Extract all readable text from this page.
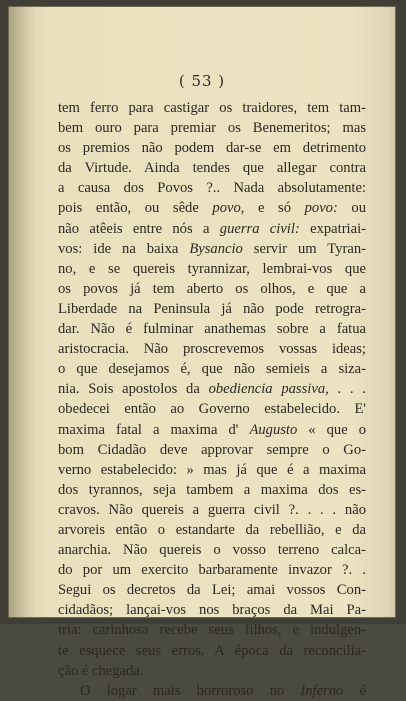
( 53 )
tem ferro para castigar os traidores, tem tam-
bem ouro para premiar os Benemeritos; mas
os premios não podem dar-se em detrimento
da Virtude. Ainda tendes que allegar contra
a causa dos Povos ?.. Nada absolutamente:
pois então, ou sêde povo, e só povo: ou
não atêeis entre nós a guerra civil: expatriai-
vos: ide na baixa Bysancio servir um Tyran-
no, e se quereis tyrannizar, lembrai-vos que
os povos já tem aberto os olhos, e que a
Liberdade na Peninsula já não pode retrogra-
dar. Não é fulminar anathemas sobre a fatua
aristocracia. Não proscrevemos vossas ideas;
o que desejamos é, que não semieis a siza-
nia. Sois apostolos da obediencia passiva, . . .
obedecei então ao Governo estabelecido. E'
maxima fatal a maxima d' Augusto « que o
bom Cidadão deve approvar sempre o Go-
verno estabelecido: » mas já que é a maxima
dos tyrannos, seja tambem a maxima dos es-
cravos. Não quereis a guerra civil ?. . . . não
arvoreis então o estandarte da rebellião, e da
anarchia. Não quereis o vosso terreno calca-
do por um exercito barbaramente invazor ?. .
Segui os decretos da Lei; amai vossos Con-
cidadãos; lançai-vos nos braços da Mai Pa-
tria: carinhosa recebe seus filhos, e indulgen-
te esquece seus erros. A época da reconcilia-
ção é chegada.
O logar mais horroroso no Inferno é
